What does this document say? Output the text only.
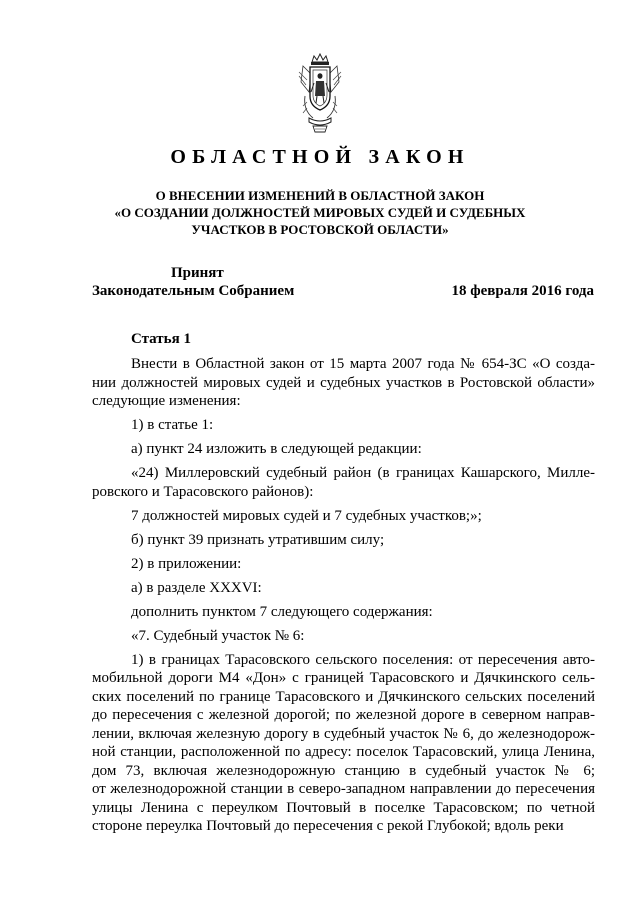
ОБЛАСТНОЙ ЗАКОН
О ВНЕСЕНИИ ИЗМЕНЕНИЙ В ОБЛАСТНОЙ ЗАКОН
«О СОЗДАНИИ ДОЛЖНОСТЕЙ МИРОВЫХ СУДЕЙ И СУДЕБНЫХ
УЧАСТКОВ В РОСТОВСКОЙ ОБЛАСТИ»
Принят
Законодательным Собранием	18 февраля 2016 года
Статья 1
Внести в Областной закон от 15 марта 2007 года № 654-ЗС «О созда-
нии должностей мировых судей и судебных участков в Ростовской области»
следующие изменения:
1) в статье 1:
а) пункт 24 изложить в следующей редакции:
«24) Миллеровский судебный район (в границах Кашарского, Милле-
ровского и Тарасовского районов):
7 должностей мировых судей и 7 судебных участков;»;
б) пункт 39 признать утратившим силу;
2) в приложении:
а) в разделе XXXVI:
дополнить пунктом 7 следующего содержания:
«7. Судебный участок № 6:
1) в границах Тарасовского сельского поселения: от пересечения авто-
мобильной дороги М4 «Дон» с границей Тарасовского и Дячкинского сель-
ских поселений по границе Тарасовского и Дячкинского сельских поселений
до пересечения с железной дорогой; по железной дороге в северном направ-
лении, включая железную дорогу в судебный участок № 6, до железнодорож-
ной станции, расположенной по адресу: поселок Тарасовский, улица Ленина,
дом 73, включая железнодорожную станцию в судебный участок № 6;
от железнодорожной станции в северо-западном направлении до пересечения
улицы Ленина с переулком Почтовый в поселке Тарасовском; по четной
стороне переулка Почтовый до пересечения с рекой Глубокой; вдоль реки
